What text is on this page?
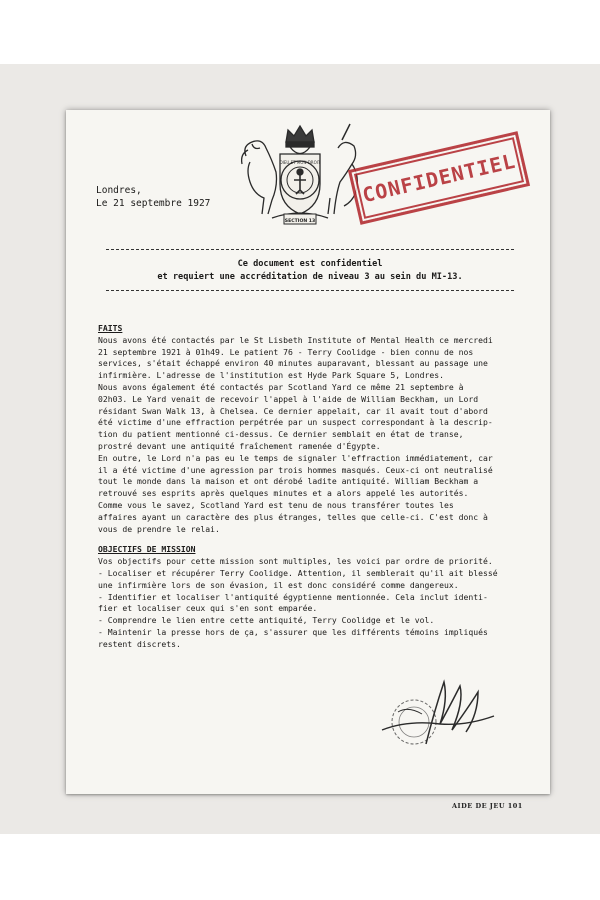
DIEU ET MON DROIT
SECTION 13
CONFIDENTIEL
Londres,
Le 21 septembre 1927
Ce document est confidentiel
et requiert une accréditation de niveau 3 au sein du MI-13.
FAITS
Nous avons été contactés par le St Lisbeth Institute of Mental Health ce mercredi
21 septembre 1921 à 01h49. Le patient 76 - Terry Coolidge - bien connu de nos
services, s'était échappé environ 40 minutes auparavant, blessant au passage une
infirmière. L'adresse de l'institution est Hyde Park Square 5, Londres.
Nous avons également été contactés par Scotland Yard ce même 21 septembre à
02h03. Le Yard venait de recevoir l'appel à l'aide de William Beckham, un Lord
résidant Swan Walk 13, à Chelsea. Ce dernier appelait, car il avait tout d'abord
été victime d'une effraction perpétrée par un suspect correspondant à la descrip-
tion du patient mentionné ci-dessus. Ce dernier semblait en état de transe,
prostré devant une antiquité fraîchement ramenée d'Égypte.
En outre, le Lord n'a pas eu le temps de signaler l'effraction immédiatement, car
il a été victime d'une agression par trois hommes masqués. Ceux-ci ont neutralisé
tout le monde dans la maison et ont dérobé ladite antiquité. William Beckham a
retrouvé ses esprits après quelques minutes et a alors appelé les autorités.
Comme vous le savez, Scotland Yard est tenu de nous transférer toutes les
affaires ayant un caractère des plus étranges, telles que celle-ci. C'est donc à
vous de prendre le relai.
OBJECTIFS DE MISSION
Vos objectifs pour cette mission sont multiples, les voici par ordre de priorité.
- Localiser et récupérer Terry Coolidge. Attention, il semblerait qu'il ait blessé
une infirmière lors de son évasion, il est donc considéré comme dangereux.
- Identifier et localiser l'antiquité égyptienne mentionnée. Cela inclut identi-
fier et localiser ceux qui s'en sont emparée.
- Comprendre le lien entre cette antiquité, Terry Coolidge et le vol.
- Maintenir la presse hors de ça, s'assurer que les différents témoins impliqués
restent discrets.
AIDE DE JEU 101
